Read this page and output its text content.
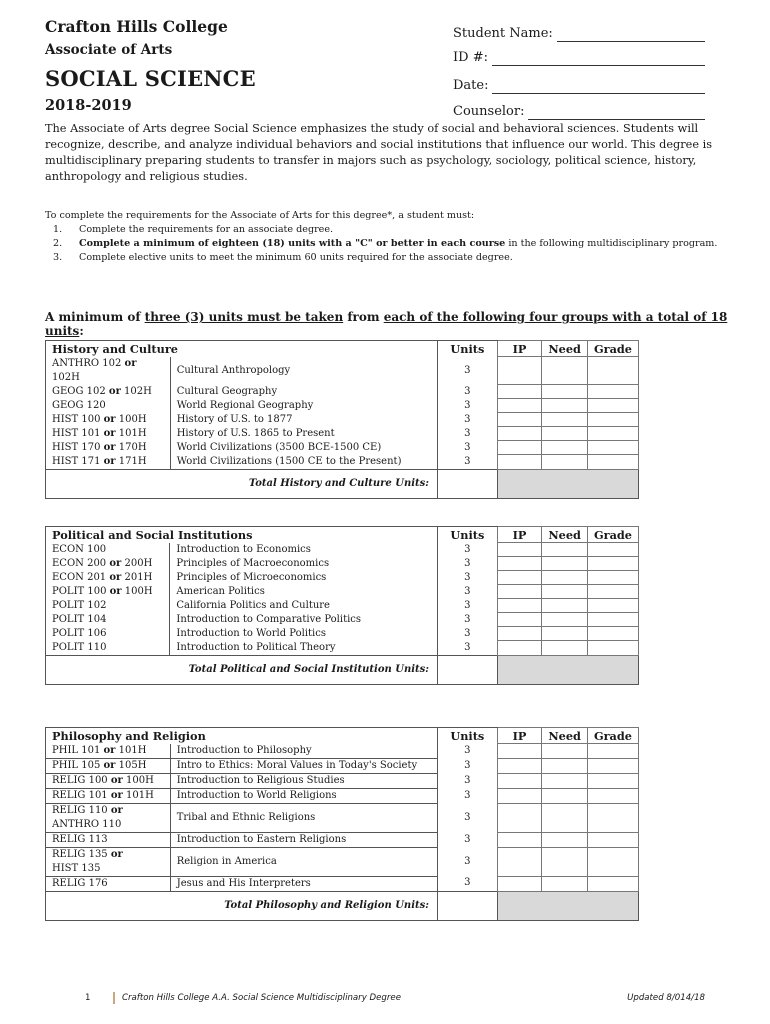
Crafton Hills College
Associate of Arts
SOCIAL SCIENCE
2018-2019
Student Name:
ID #:
Date:
Counselor:

The Associate of Arts degree Social Science emphasizes the study of social and behavioral sciences. Students will recognize, describe, and analyze individual behaviors and social institutions that influence our world. This degree is multidisciplinary preparing students to transfer in majors such as psychology, sociology, political science, history, anthropology and religious studies.

To complete the requirements for the Associate of Arts for this degree*, a student must:
1.	Complete the requirements for an associate degree.
2.	Complete a minimum of eighteen (18) units with a "C" or better in each course in the following multidisciplinary program.
3.	Complete elective units to meet the minimum 60 units required for the associate degree.
A minimum of three (3) units must be taken from each of the following four groups with a total of 18 units:
History and Culture		Units	IP	Need	Grade
ANTHRO 102 or 102H	Cultural Anthropology	3			
GEOG 102 or 102H	Cultural Geography	3			
GEOG 120	World Regional Geography	3			
HIST 100 or 100H	History of U.S. to 1877	3			
HIST 101 or 101H	History of U.S. 1865 to Present	3			
HIST 170 or 170H	World Civilizations (3500 BCE-1500 CE)	3			
HIST 171 or 171H	World Civilizations (1500 CE to the Present)	3			
Total History and Culture Units:					
Political and Social Institutions		Units	IP	Need	Grade
ECON 100	Introduction to Economics	3			
ECON 200 or 200H	Principles of Macroeconomics	3			
ECON 201 or 201H	Principles of Microeconomics	3			
POLIT 100 or 100H	American Politics	3			
POLIT 102	California Politics and Culture	3			
POLIT 104	Introduction to Comparative Politics	3			
POLIT 106	Introduction to World Politics	3			
POLIT 110	Introduction to Political Theory	3			
Total Political and Social Institution Units:					
Philosophy and Religion		Units	IP	Need	Grade
PHIL 101 or 101H	Introduction to Philosophy	3			
PHIL 105 or 105H	Intro to Ethics: Moral Values in Today's Society	3			
RELIG 100 or 100H	Introduction to Religious Studies	3			
RELIG 101 or 101H	Introduction to World Religions	3			
RELIG 110 or
ANTHRO 110	Tribal and Ethnic Religions	3			
RELIG 113	Introduction to Eastern Religions	3			
RELIG 135 or
HIST 135	Religion in America	3			
RELIG 176	Jesus and His Interpreters	3			
Total Philosophy and Religion Units:					
1	Crafton Hills College A.A. Social Science Multidisciplinary Degree	Updated 8/014/18
